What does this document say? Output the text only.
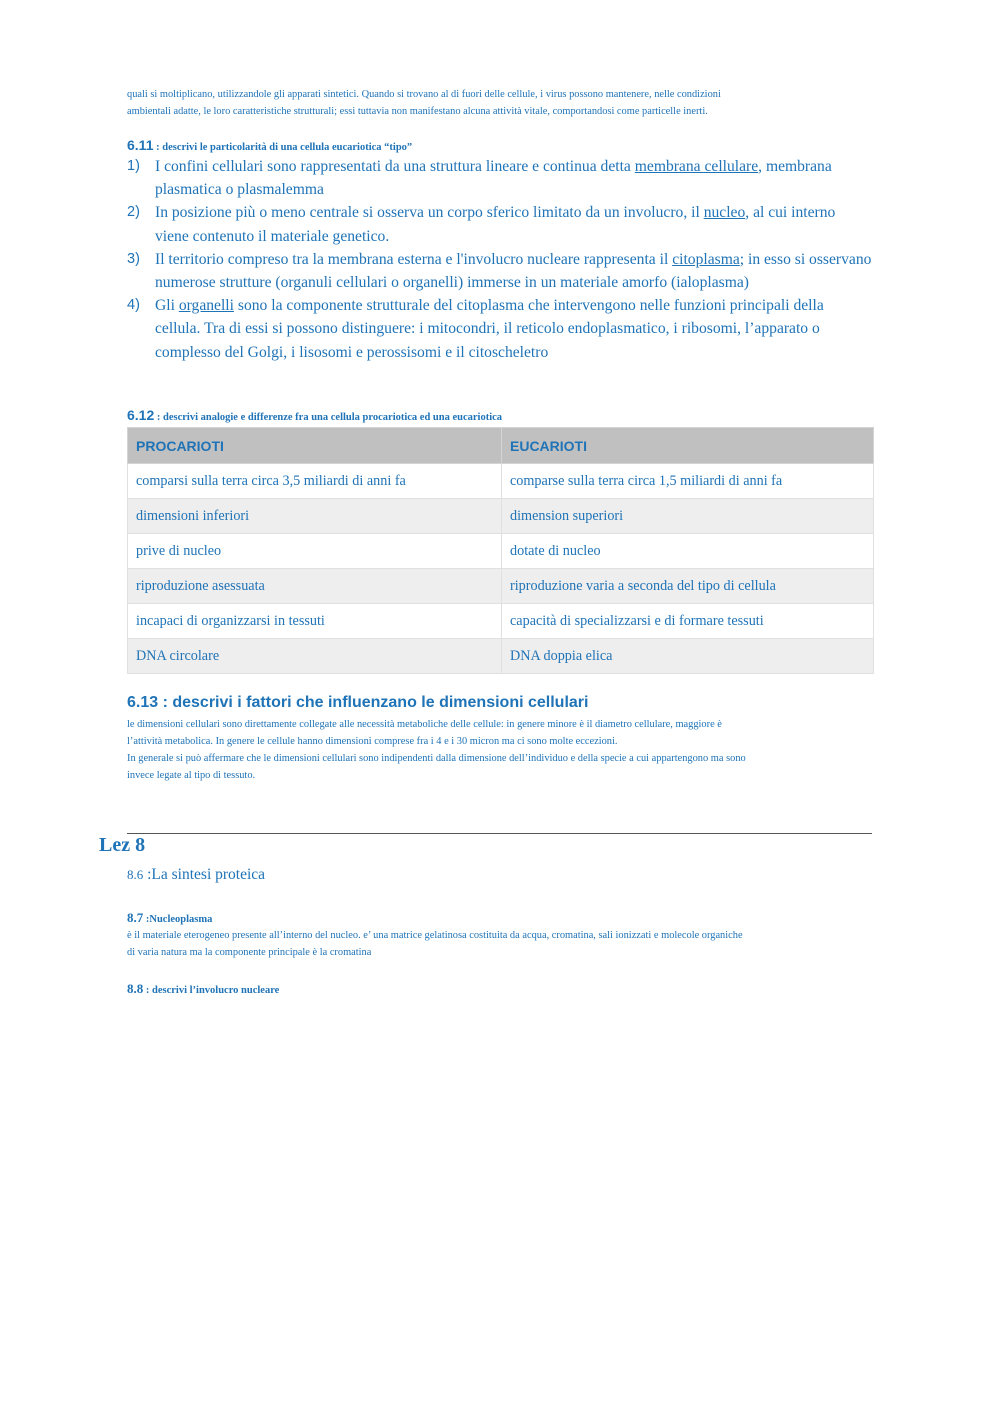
quali si moltiplicano, utilizzandole gli apparati sintetici. Quando si trovano al di fuori delle cellule, i virus possono mantenere, nelle condizioni
ambientali adatte, le loro caratteristiche strutturali; essi tuttavia non manifestano alcuna attività vitale, comportandosi come particelle inerti.
6.11 : descrivi le particolarità di una cellula eucariotica “tipo”
1) I confini cellulari sono rappresentati da una struttura lineare e continua detta membrana cellulare, membrana plasmatica o plasmalemma
2) In posizione più o meno centrale si osserva un corpo sferico limitato da un involucro, il nucleo, al cui interno viene contenuto il materiale genetico.
3) Il territorio compreso tra la membrana esterna e l'involucro nucleare rappresenta il citoplasma; in esso si osservano numerose strutture (organuli cellulari o organelli) immerse in un materiale amorfo (ialoplasma)
4) Gli organelli sono la componente strutturale del citoplasma che intervengono nelle funzioni principali della cellula. Tra di essi si possono distinguere: i mitocondri, il reticolo endoplasmatico, i ribosomi, l’apparato o complesso del Golgi, i lisosomi e perossisomi e il citoscheletro
6.12 : descrivi analogie e differenze fra una cellula procariotica ed una eucariotica
PROCARIOTI	EUCARIOTI
comparsi sulla terra circa 3,5 miliardi di anni fa	comparse sulla terra circa 1,5 miliardi di anni fa
dimensioni inferiori	dimension superiori
prive di nucleo	dotate di nucleo
riproduzione asessuata	riproduzione varia a seconda del tipo di cellula
incapaci di organizzarsi in tessuti	capacità di specializzarsi e di formare tessuti
DNA circolare	DNA doppia elica
6.13 : descrivi i fattori che influenzano le dimensioni cellulari
le dimensioni cellulari sono direttamente collegate alle necessità metaboliche delle cellule: in genere minore è il diametro cellulare, maggiore è
l’attività metabolica. In genere le cellule hanno dimensioni comprese fra i 4 e i 30 micron ma ci sono molte eccezioni.
In generale si può affermare che le dimensioni cellulari sono indipendenti dalla dimensione dell’individuo e della specie a cui appartengono ma sono
invece legate al tipo di tessuto.
Lez 8
8.6 :La sintesi proteica
8.7 :Nucleoplasma
è il materiale eterogeneo presente all’interno del nucleo. e’ una matrice gelatinosa costituita da acqua, cromatina, sali ionizzati e molecole organiche
di varia natura ma la componente principale è la cromatina
8.8 : descrivi l’involucro nucleare
